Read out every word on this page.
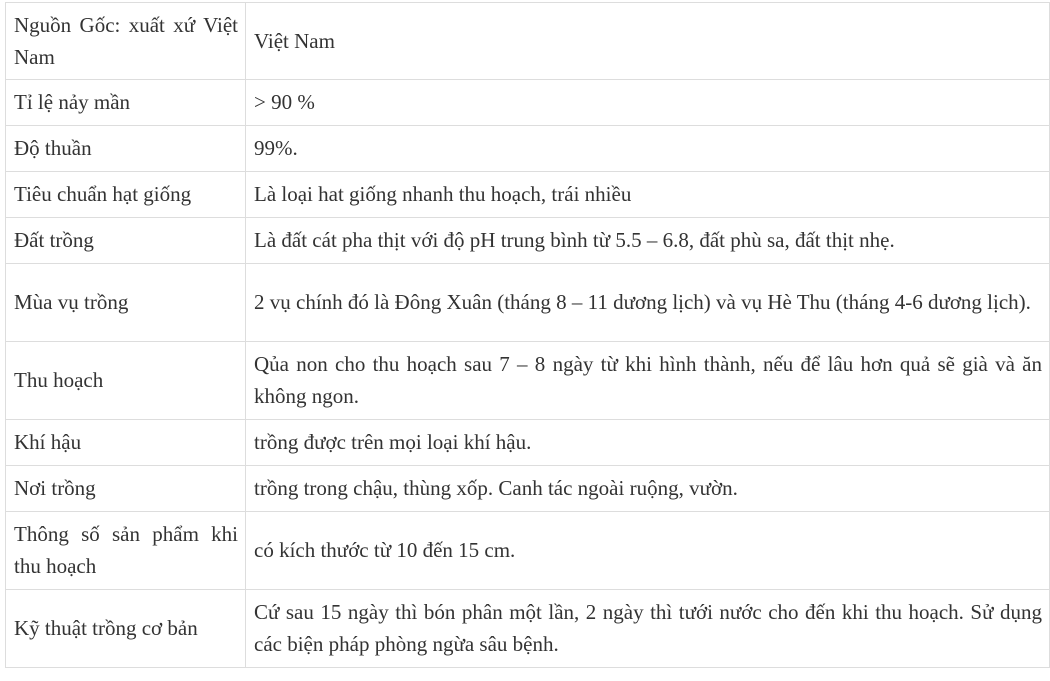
Nguồn Gốc: xuất xứ Việt Nam	Việt Nam
Tỉ lệ nảy mần	> 90 %
Độ thuần	99%.
Tiêu chuẩn hạt giống	Là loại hat giống nhanh thu hoạch, trái nhiều
Đất trồng	Là đất cát pha thịt với độ pH trung bình từ 5.5 – 6.8, đất phù sa, đất thịt nhẹ.
Mùa vụ trồng	2 vụ chính đó là Đông Xuân (tháng 8 – 11 dương lịch) và vụ Hè Thu (tháng 4-6 dương lịch).
Thu hoạch	Qủa non cho thu hoạch sau 7 – 8 ngày từ khi hình thành, nếu để lâu hơn quả sẽ già và ăn không ngon.
Khí hậu	trồng được trên mọi loại khí hậu.
Nơi trồng	trồng trong chậu, thùng xốp. Canh tác ngoài ruộng, vườn.
Thông số sản phẩm khi thu hoạch	có kích thước từ 10 đến 15 cm.
Kỹ thuật trồng cơ bản	Cứ sau 15 ngày thì bón phân một lần, 2 ngày thì tưới nước cho đến khi thu hoạch. Sử dụng các biện pháp phòng ngừa sâu bệnh.
